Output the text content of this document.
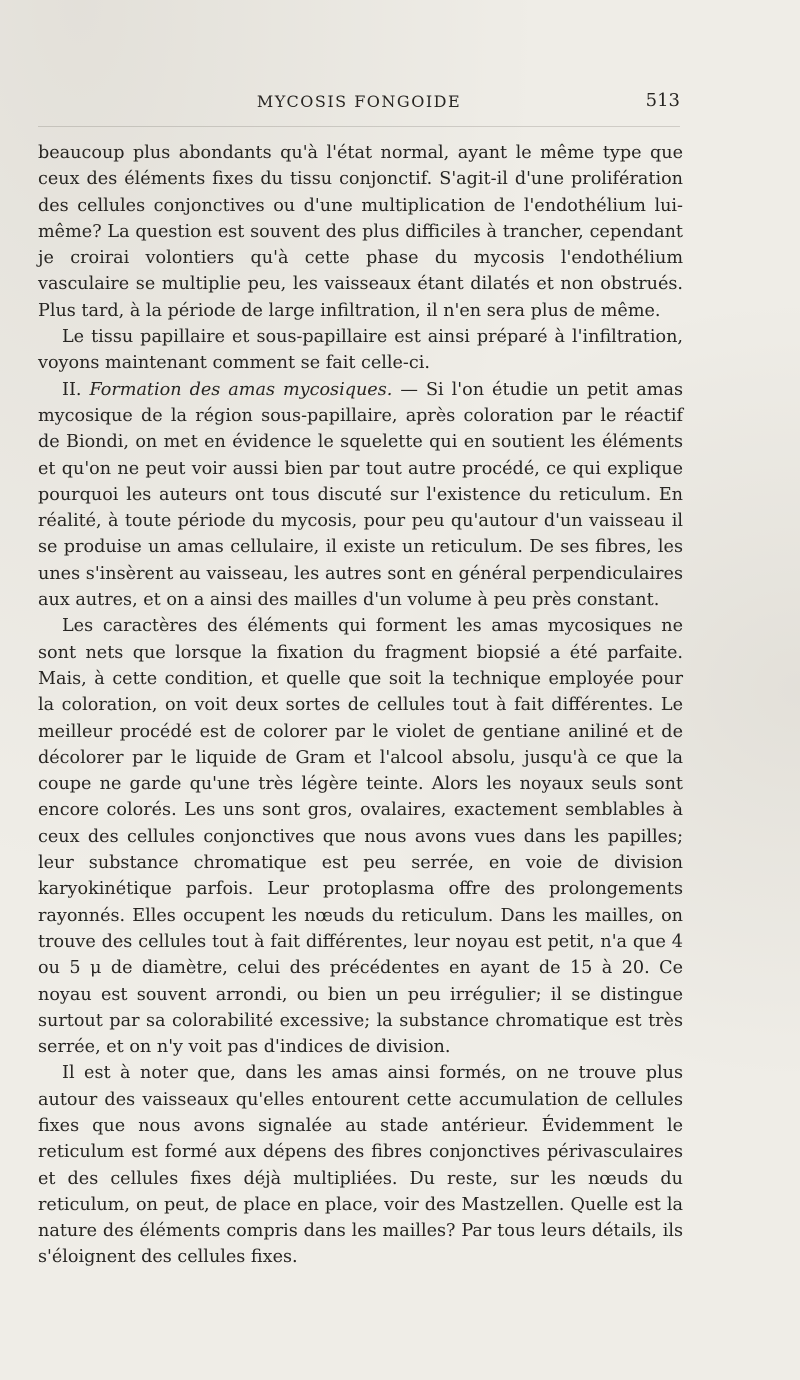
MYCOSIS FONGOIDE	513

beaucoup plus abondants qu'à l'état normal, ayant le même type que ceux des éléments fixes du tissu conjonctif. S'agit-il d'une prolifération des cellules conjonctives ou d'une multiplication de l'endothélium lui-même? La question est souvent des plus difficiles à trancher, cependant je croirai volontiers qu'à cette phase du mycosis l'endothélium vasculaire se multiplie peu, les vaisseaux étant dilatés et non obstrués. Plus tard, à la période de large infiltration, il n'en sera plus de même.

Le tissu papillaire et sous-papillaire est ainsi préparé à l'infiltration, voyons maintenant comment se fait celle-ci.

II. Formation des amas mycosiques. — Si l'on étudie un petit amas mycosique de la région sous-papillaire, après coloration par le réactif de Biondi, on met en évidence le squelette qui en soutient les éléments et qu'on ne peut voir aussi bien par tout autre procédé, ce qui explique pourquoi les auteurs ont tous discuté sur l'existence du reticulum. En réalité, à toute période du mycosis, pour peu qu'autour d'un vaisseau il se produise un amas cellulaire, il existe un reticulum. De ses fibres, les unes s'insèrent au vaisseau, les autres sont en général perpendiculaires aux autres, et on a ainsi des mailles d'un volume à peu près constant.

Les caractères des éléments qui forment les amas mycosiques ne sont nets que lorsque la fixation du fragment biopsié a été parfaite. Mais, à cette condition, et quelle que soit la technique employée pour la coloration, on voit deux sortes de cellules tout à fait différentes. Le meilleur procédé est de colorer par le violet de gentiane aniliné et de décolorer par le liquide de Gram et l'alcool absolu, jusqu'à ce que la coupe ne garde qu'une très légère teinte. Alors les noyaux seuls sont encore colorés. Les uns sont gros, ovalaires, exactement semblables à ceux des cellules conjonctives que nous avons vues dans les papilles; leur substance chromatique est peu serrée, en voie de division karyokinétique parfois. Leur protoplasma offre des prolongements rayonnés. Elles occupent les nœuds du reticulum. Dans les mailles, on trouve des cellules tout à fait différentes, leur noyau est petit, n'a que 4 ou 5 μ de diamètre, celui des précédentes en ayant de 15 à 20. Ce noyau est souvent arrondi, ou bien un peu irrégulier; il se distingue surtout par sa colorabilité excessive; la substance chromatique est très serrée, et on n'y voit pas d'indices de division.

Il est à noter que, dans les amas ainsi formés, on ne trouve plus autour des vaisseaux qu'elles entourent cette accumulation de cellules fixes que nous avons signalée au stade antérieur. Évidemment le reticulum est formé aux dépens des fibres conjonctives périvasculaires et des cellules fixes déjà multipliées. Du reste, sur les nœuds du reticulum, on peut, de place en place, voir des Mastzellen. Quelle est la nature des éléments compris dans les mailles? Par tous leurs détails, ils s'éloignent des cellules fixes.
